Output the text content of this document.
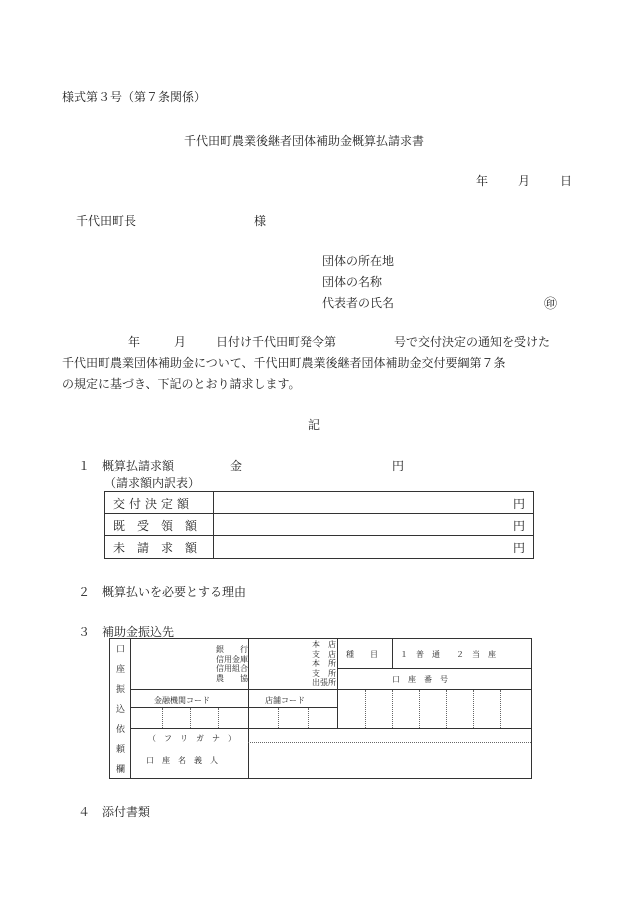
様式第３号（第７条関係）
千代田町農業後継者団体補助金概算払請求書
年 月 日
千代田町長	様
団体の所在地
団体の名称
代表者の氏名	㊞
年	月 日付け千代田町発令第	号で交付決定の通知を受けた
千代田町農業団体補助金について、千代田町農業後継者団体補助金交付要綱第７条
の規定に基づき、下記のとおり請求します。
記
１ 概算払請求額	金	円
（請求額内訳表）
交付決定額	円
既受領額	円
未請求額	円
２ 概算払いを必要とする理由
３ 補助金振込先
口
座
振
込
依
頼
欄
銀　　行
信用金庫
信用組合
農　　協
本　店
支　店
本　所
支　所
出張所
種　　目	１　普　通　　２　当　座
口　座　番　号
金融機関コード	店舗コード
（　フ　リ　ガ　ナ　）
口　座　名　義　人
４ 添付書類
